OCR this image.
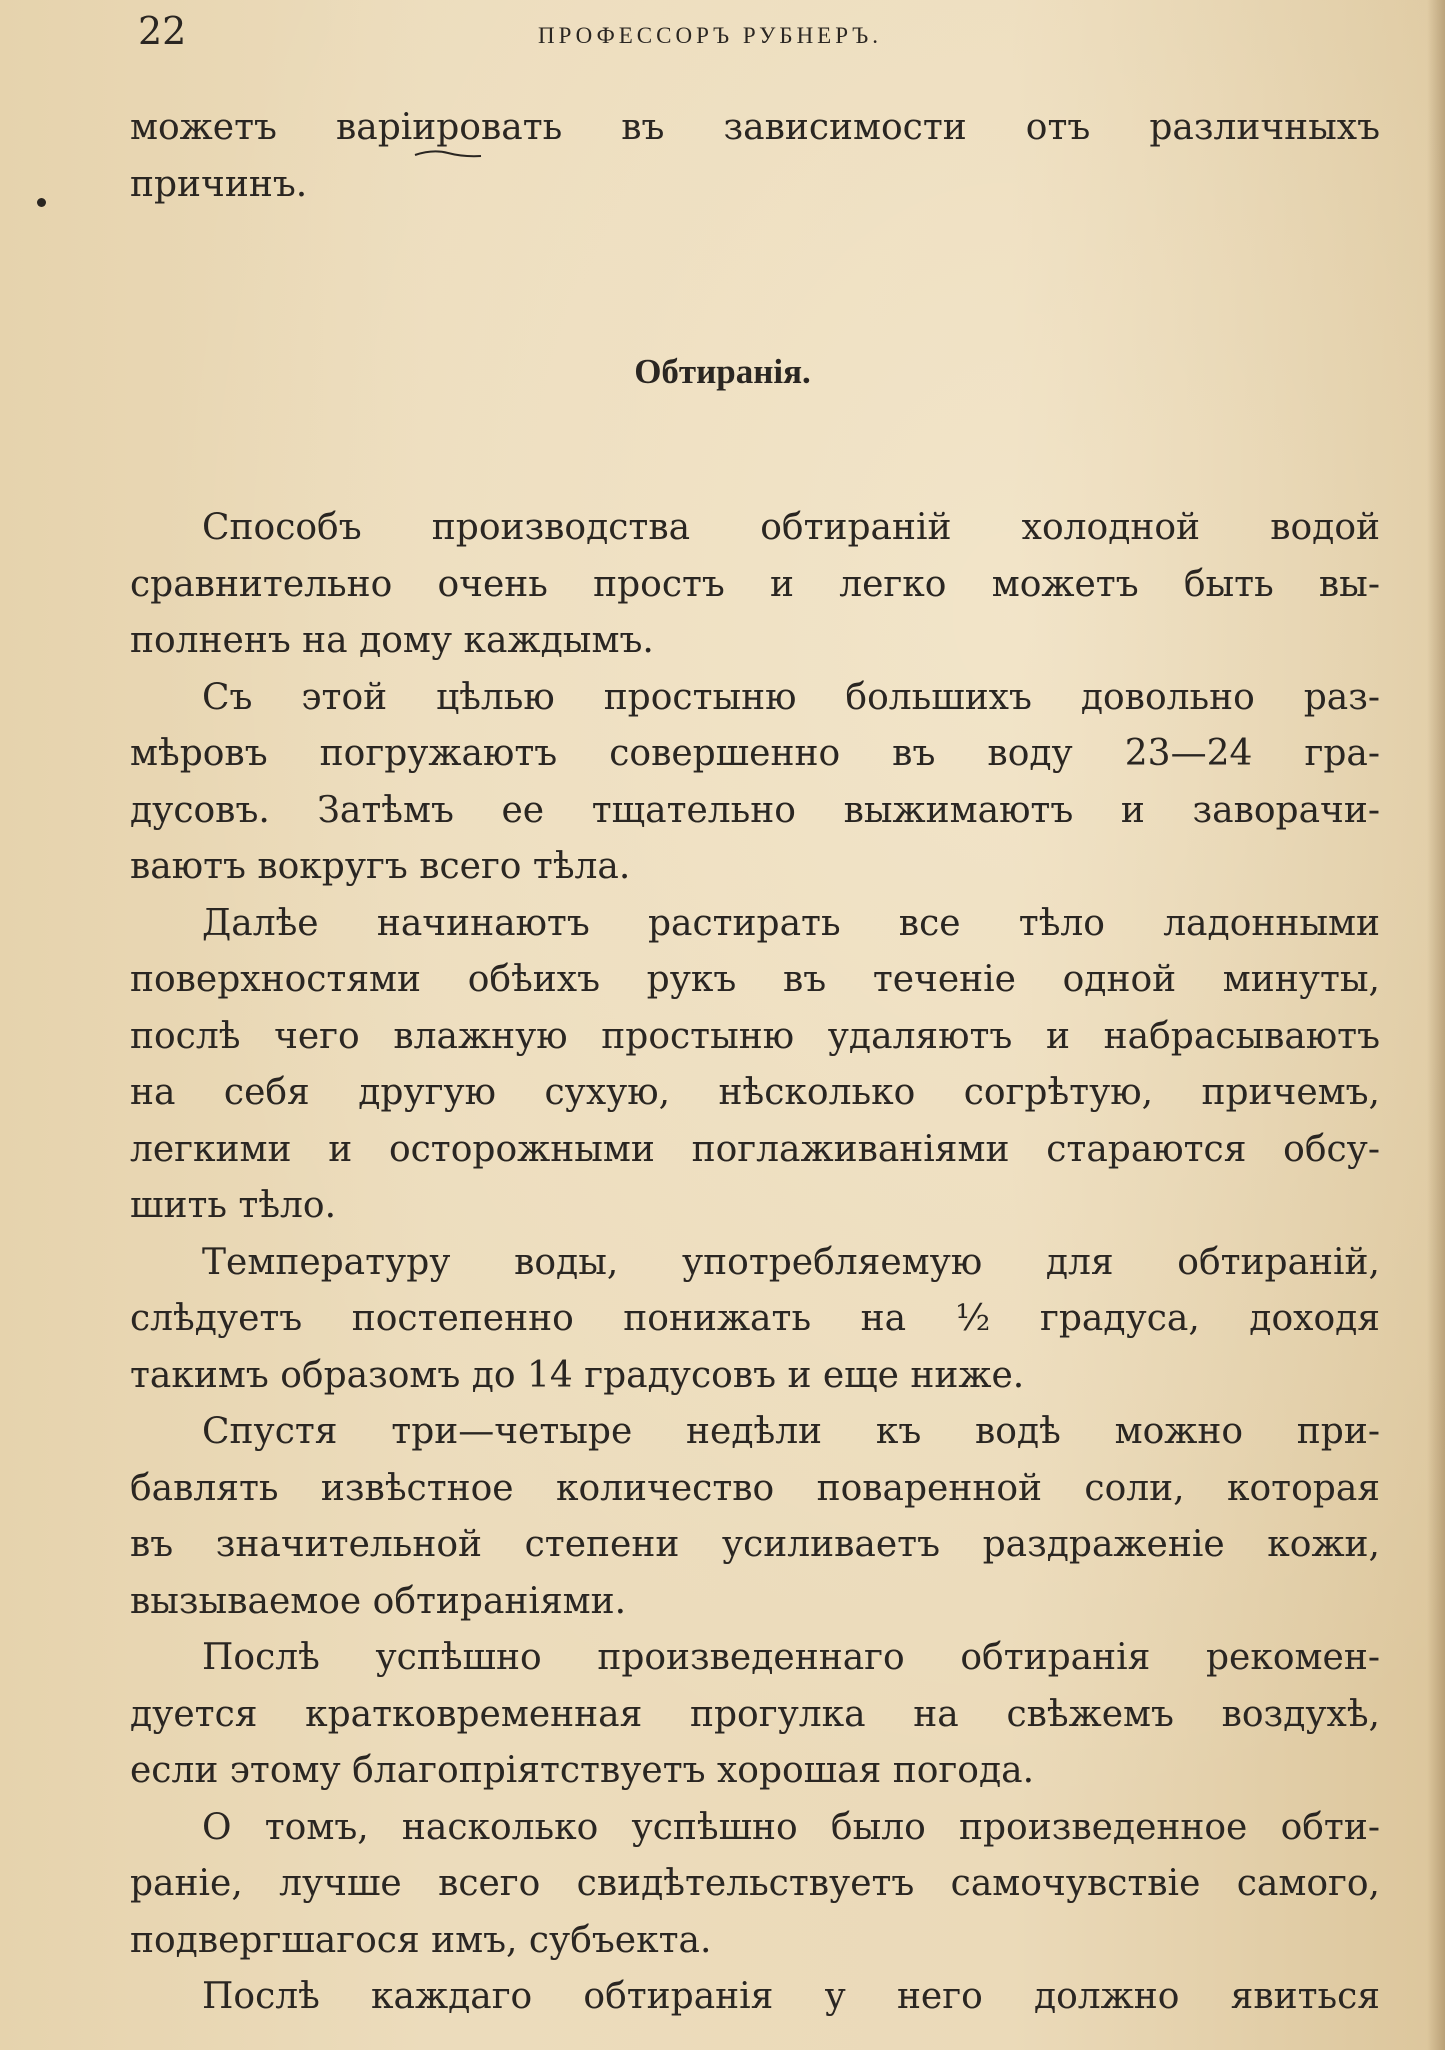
22	ПРОФЕССОРЪ РУБНЕРЪ.

можетъ варіировать въ зависимости отъ различныхъ
причинъ.

Обтиранія.

Способъ производства обтираній холодной водой
сравнительно очень простъ и легко можетъ быть вы-
полненъ на дому каждымъ.

Съ этой цѣлью простыню большихъ довольно раз-
мѣровъ погружаютъ совершенно въ воду 23—24 гра-
дусовъ. Затѣмъ ее тщательно выжимаютъ и заворачи-
ваютъ вокругъ всего тѣла.

Далѣе начинаютъ растирать все тѣло ладонными
поверхностями обѣихъ рукъ въ теченіе одной минуты,
послѣ чего влажную простыню удаляютъ и набрасываютъ
на себя другую сухую, нѣсколько согрѣтую, причемъ,
легкими и осторожными поглаживаніями стараются обсу-
шить тѣло.

Температуру воды, употребляемую для обтираній,
слѣдуетъ постепенно понижать на ½ градуса, доходя
такимъ образомъ до 14 градусовъ и еще ниже.

Спустя три—четыре недѣли къ водѣ можно при-
бавлять извѣстное количество поваренной соли, которая
въ значительной степени усиливаетъ раздраженіе кожи,
вызываемое обтираніями.

Послѣ успѣшно произведеннаго обтиранія рекомен-
дуется кратковременная прогулка на свѣжемъ воздухѣ,
если этому благопріятствуетъ хорошая погода.

О томъ, насколько успѣшно было произведенное обти-
раніе, лучше всего свидѣтельствуетъ самочувствіе самого,
подвергшагося имъ, субъекта.

Послѣ каждаго обтиранія у него должно явиться
